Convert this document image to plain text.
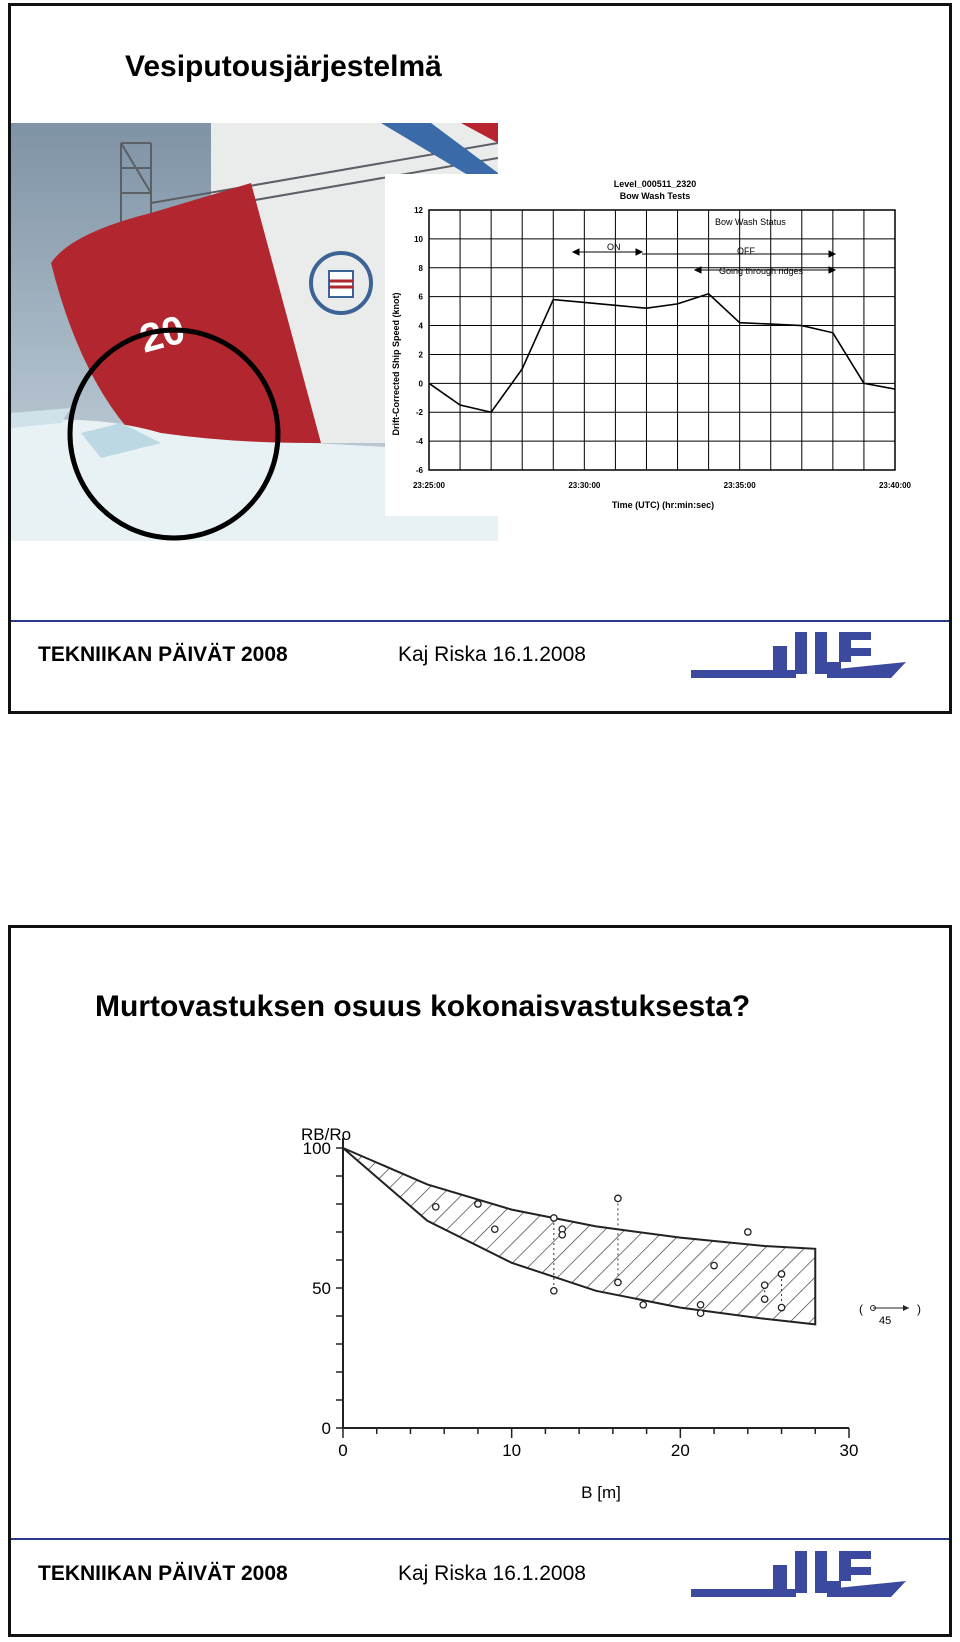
Vesiputousjärjestelmä
20
Level_000511_2320
Bow Wash Tests
12
10
8
6
4
2
0
-2
-4
-6
23:25:00	23:30:00	23:35:00	23:40:00
Drift-Corrected Ship Speed (knot)
Time (UTC) (hr:min:sec)
Bow Wash Status
ON	OFF
Going through ridges
TEKNIIKAN PÄIVÄT 2008	Kaj Riska 16.1.2008
Murtovastuksen osuus kokonaisvastuksesta?
RB/Ro
100
50
0
0	10	20	30
B [m]
(	)
45
TEKNIIKAN PÄIVÄT 2008	Kaj Riska 16.1.2008
